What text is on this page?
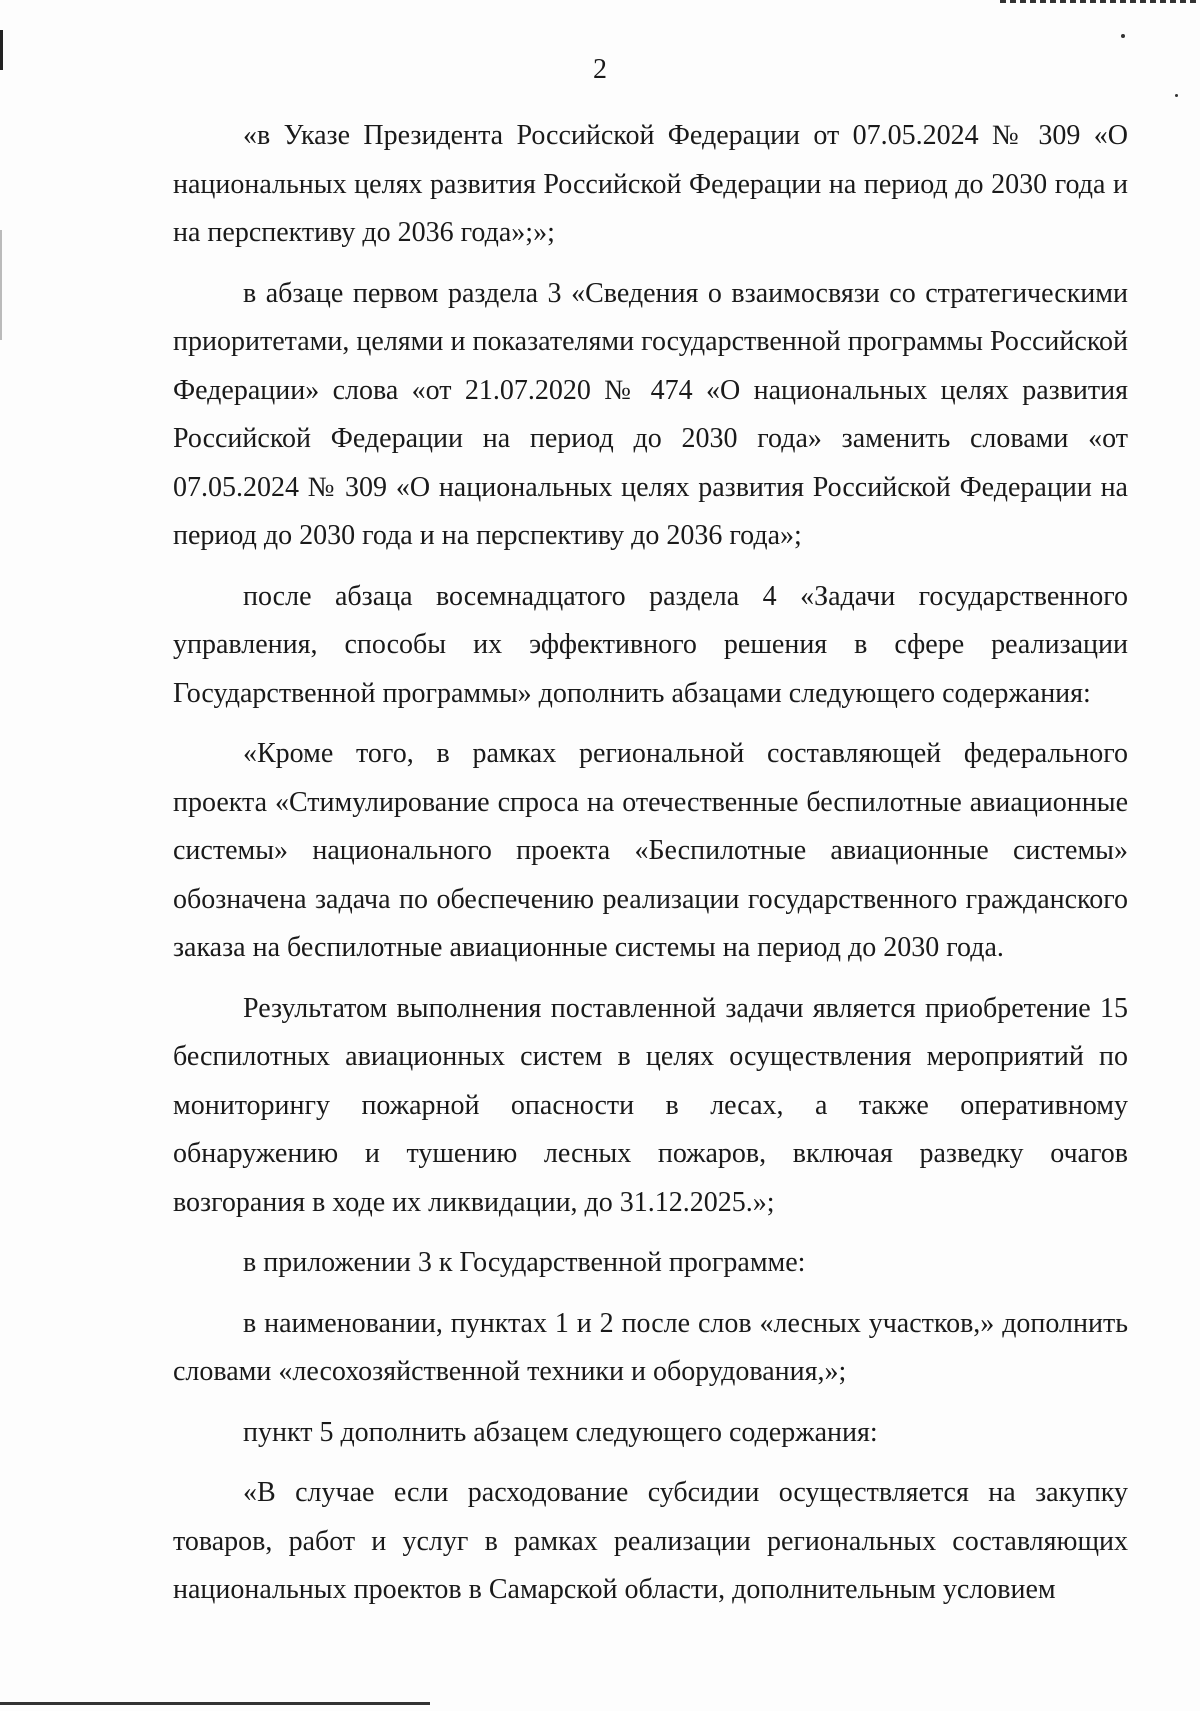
2

«в Указе Президента Российской Федерации от 07.05.2024 № 309 «О национальных целях развития Российской Федерации на период до 2030 года и на перспективу до 2036 года»;»;

в абзаце первом раздела 3 «Сведения о взаимосвязи со стратегическими приоритетами, целями и показателями государственной программы Российской Федерации» слова «от 21.07.2020 № 474 «О национальных целях развития Российской Федерации на период до 2030 года» заменить словами «от 07.05.2024 № 309 «О национальных целях развития Российской Федерации на период до 2030 года и на перспективу до 2036 года»;

после абзаца восемнадцатого раздела 4 «Задачи государственного управления, способы их эффективного решения в сфере реализации Государственной программы» дополнить абзацами следующего содержания:

«Кроме того, в рамках региональной составляющей федерального проекта «Стимулирование спроса на отечественные беспилотные авиационные системы» национального проекта «Беспилотные авиационные системы» обозначена задача по обеспечению реализации государственного гражданского заказа на беспилотные авиационные системы на период до 2030 года.

Результатом выполнения поставленной задачи является приобретение 15 беспилотных авиационных систем в целях осуществления мероприятий по мониторингу пожарной опасности в лесах, а также оперативному обнаружению и тушению лесных пожаров, включая разведку очагов возгорания в ходе их ликвидации, до 31.12.2025.»;

в приложении 3 к Государственной программе:

в наименовании, пунктах 1 и 2 после слов «лесных участков,» дополнить словами «лесохозяйственной техники и оборудования,»;

пункт 5 дополнить абзацем следующего содержания:

«В случае если расходование субсидии осуществляется на закупку товаров, работ и услуг в рамках реализации региональных составляющих национальных проектов в Самарской области, дополнительным условием
